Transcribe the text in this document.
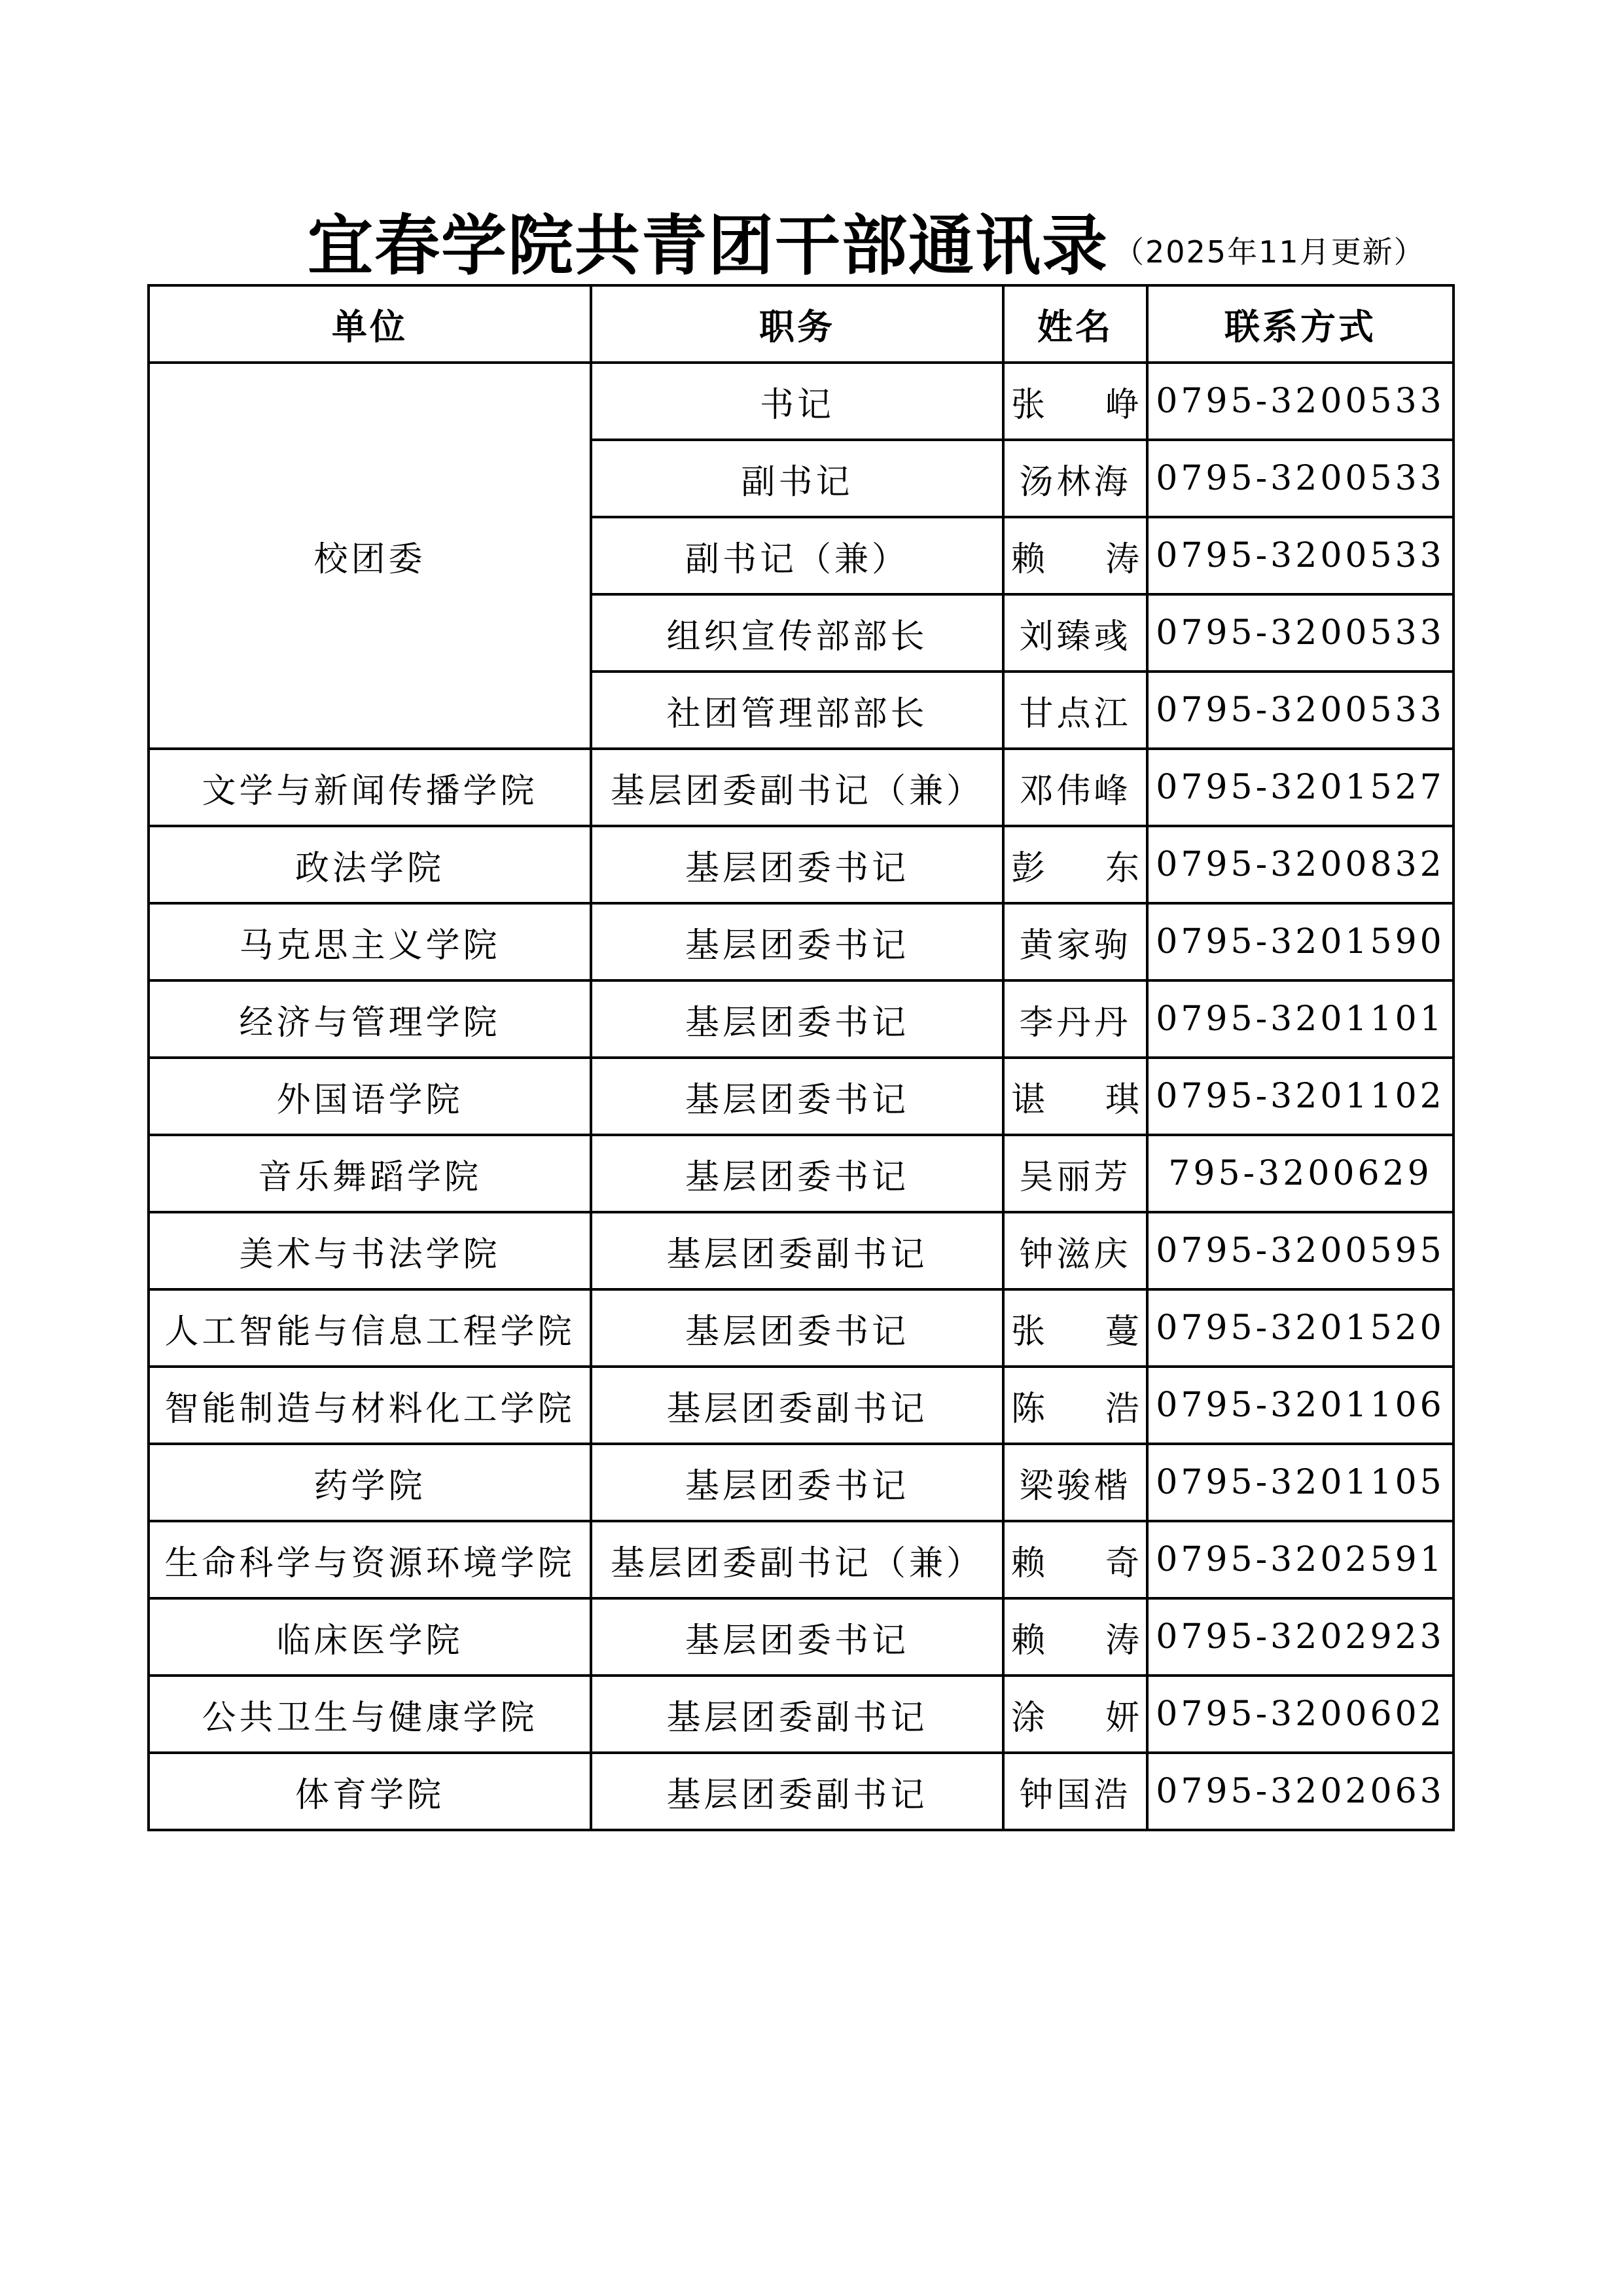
宜春学院共青团干部通讯录 （2025年11月更新）
单位	职务	姓名	联系方式
校团委	书记	张 峥	0795-3200533
	副书记	汤林海	0795-3200533
	副书记（兼）	赖 涛	0795-3200533
	组织宣传部部长	刘臻彧	0795-3200533
	社团管理部部长	甘点江	0795-3200533
文学与新闻传播学院	基层团委副书记（兼）	邓伟峰	0795-3201527
政法学院	基层团委书记	彭 东	0795-3200832
马克思主义学院	基层团委书记	黄家驹	0795-3201590
经济与管理学院	基层团委书记	李丹丹	0795-3201101
外国语学院	基层团委书记	谌 琪	0795-3201102
音乐舞蹈学院	基层团委书记	吴丽芳	795-3200629
美术与书法学院	基层团委副书记	钟滋庆	0795-3200595
人工智能与信息工程学院	基层团委书记	张 蔓	0795-3201520
智能制造与材料化工学院	基层团委副书记	陈 浩	0795-3201106
药学院	基层团委书记	梁骏楷	0795-3201105
生命科学与资源环境学院	基层团委副书记（兼）	赖 奇	0795-3202591
临床医学院	基层团委书记	赖 涛	0795-3202923
公共卫生与健康学院	基层团委副书记	涂 妍	0795-3200602
体育学院	基层团委副书记	钟国浩	0795-3202063
